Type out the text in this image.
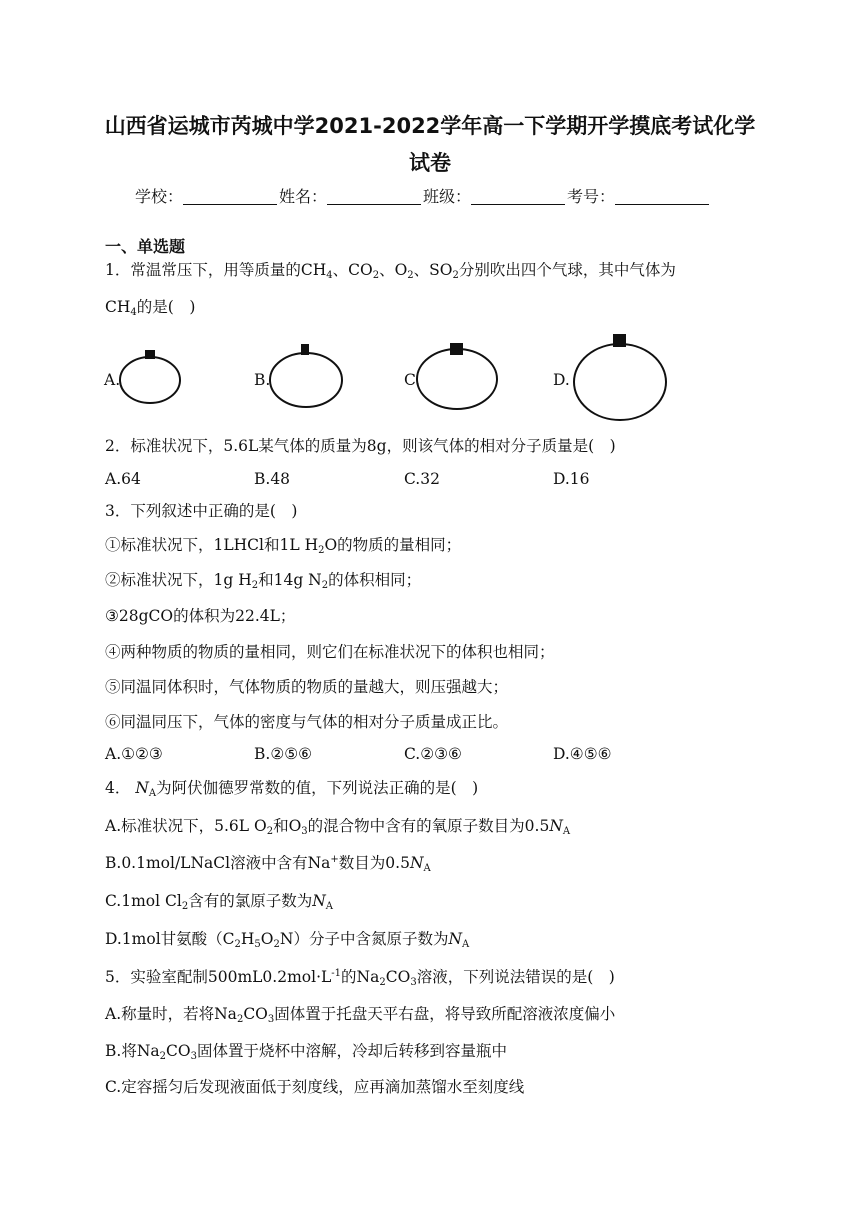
山西省运城市芮城中学2021-2022学年高一下学期开学摸底考试化学
试卷
学校：	姓名：	班级：	考号：
一、单选题
1．常温常压下，用等质量的$CH_4$、$CO_2$、$O_2$、$SO_2$分别吹出四个气球，其中气体为
$CH_4$的是(　)
A.	B.	C.	D.
2．标准状况下，5.6L某气体的质量为8g，则该气体的相对分子质量是(　)
A.64	B.48	C.32	D.16
3．下列叙述中正确的是(　)
①标准状况下，1LHCl和1L $H_2O$的物质的量相同；
②标准状况下，1g $H_2$和14g $N_2$的体积相同；
③28gCO的体积为22.4L；
④两种物质的物质的量相同，则它们在标准状况下的体积也相同；
⑤同温同体积时，气体物质的物质的量越大，则压强越大；
⑥同温同压下，气体的密度与气体的相对分子质量成正比。
A.①②③	B.②⑤⑥	C.②③⑥	D.④⑤⑥
4． $N_A$为阿伏伽德罗常数的值，下列说法正确的是(　)
A.标准状况下，5.6L $O_2$和$O_3$的混合物中含有的氧原子数目为$0.5N_A$
B.0.1mol/LNaCl溶液中含有Na+数目为$0.5N_A$
C.1mol $Cl_2$含有的氯原子数为$N_A$
D.1mol甘氨酸$(C_2H_5O_2N)$分子中含氮原子数为$N_A$
5．实验室配制$500mL0.2mol\cdot L^{-1}$的$Na_2CO_3$溶液，下列说法错误的是(　)
A.称量时，若将$Na_2CO_3$固体置于托盘天平右盘，将导致所配溶液浓度偏小
B.将$Na_2CO_3$固体置于烧杯中溶解，冷却后转移到容量瓶中
C.定容摇匀后发现液面低于刻度线，应再滴加蒸馏水至刻度线
